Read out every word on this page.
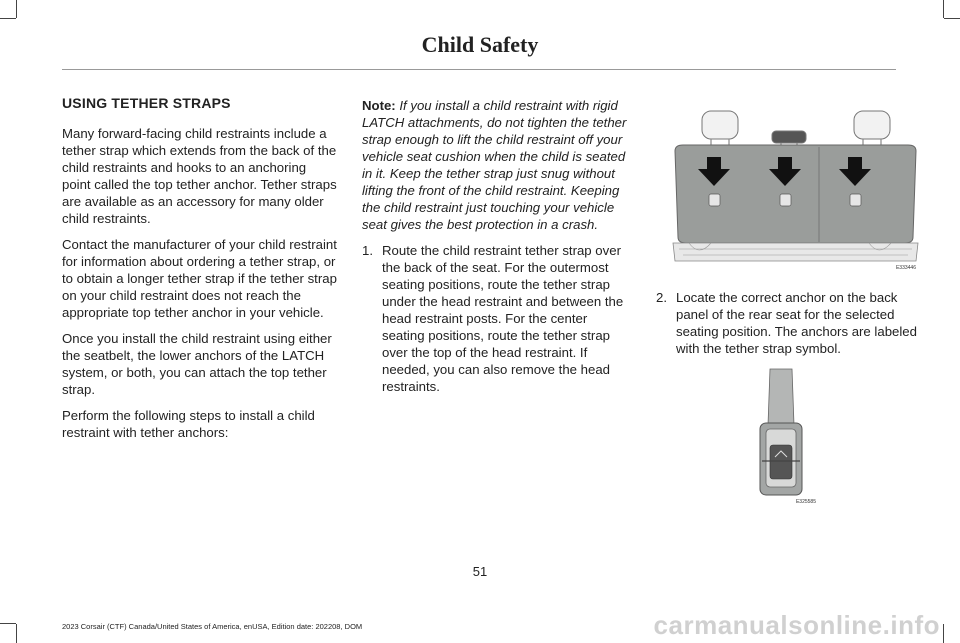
Child Safety
USING TETHER STRAPS

Many forward-facing child restraints include a tether strap which extends from the back of the child restraints and hooks to an anchoring point called the top tether anchor. Tether straps are available as an accessory for many older child restraints.

Contact the manufacturer of your child restraint for information about ordering a tether strap, or to obtain a longer tether strap if the tether strap on your child restraint does not reach the appropriate top tether anchor in your vehicle.

Once you install the child restraint using either the seatbelt, the lower anchors of the LATCH system, or both, you can attach the top tether strap.

Perform the following steps to install a child restraint with tether anchors:

Note: If you install a child restraint with rigid LATCH attachments, do not tighten the tether strap enough to lift the child restraint off your vehicle seat cushion when the child is seated in it. Keep the tether strap just snug without lifting the front of the child restraint. Keeping the child restraint just touching your vehicle seat gives the best protection in a crash.

1. Route the child restraint tether strap over the back of the seat. For the outermost seating positions, route the tether strap under the head restraint and between the head restraint posts. For the center seating positions, route the tether strap over the top of the head restraint. If needed, you can also remove the head restraints.
E333446
2. Locate the correct anchor on the back panel of the rear seat for the selected seating position. The anchors are labeled with the tether strap symbol.
E325585
51
2023 Corsair (CTF) Canada/United States of America, enUSA, Edition date: 202208, DOM	carmanualsonline.info
